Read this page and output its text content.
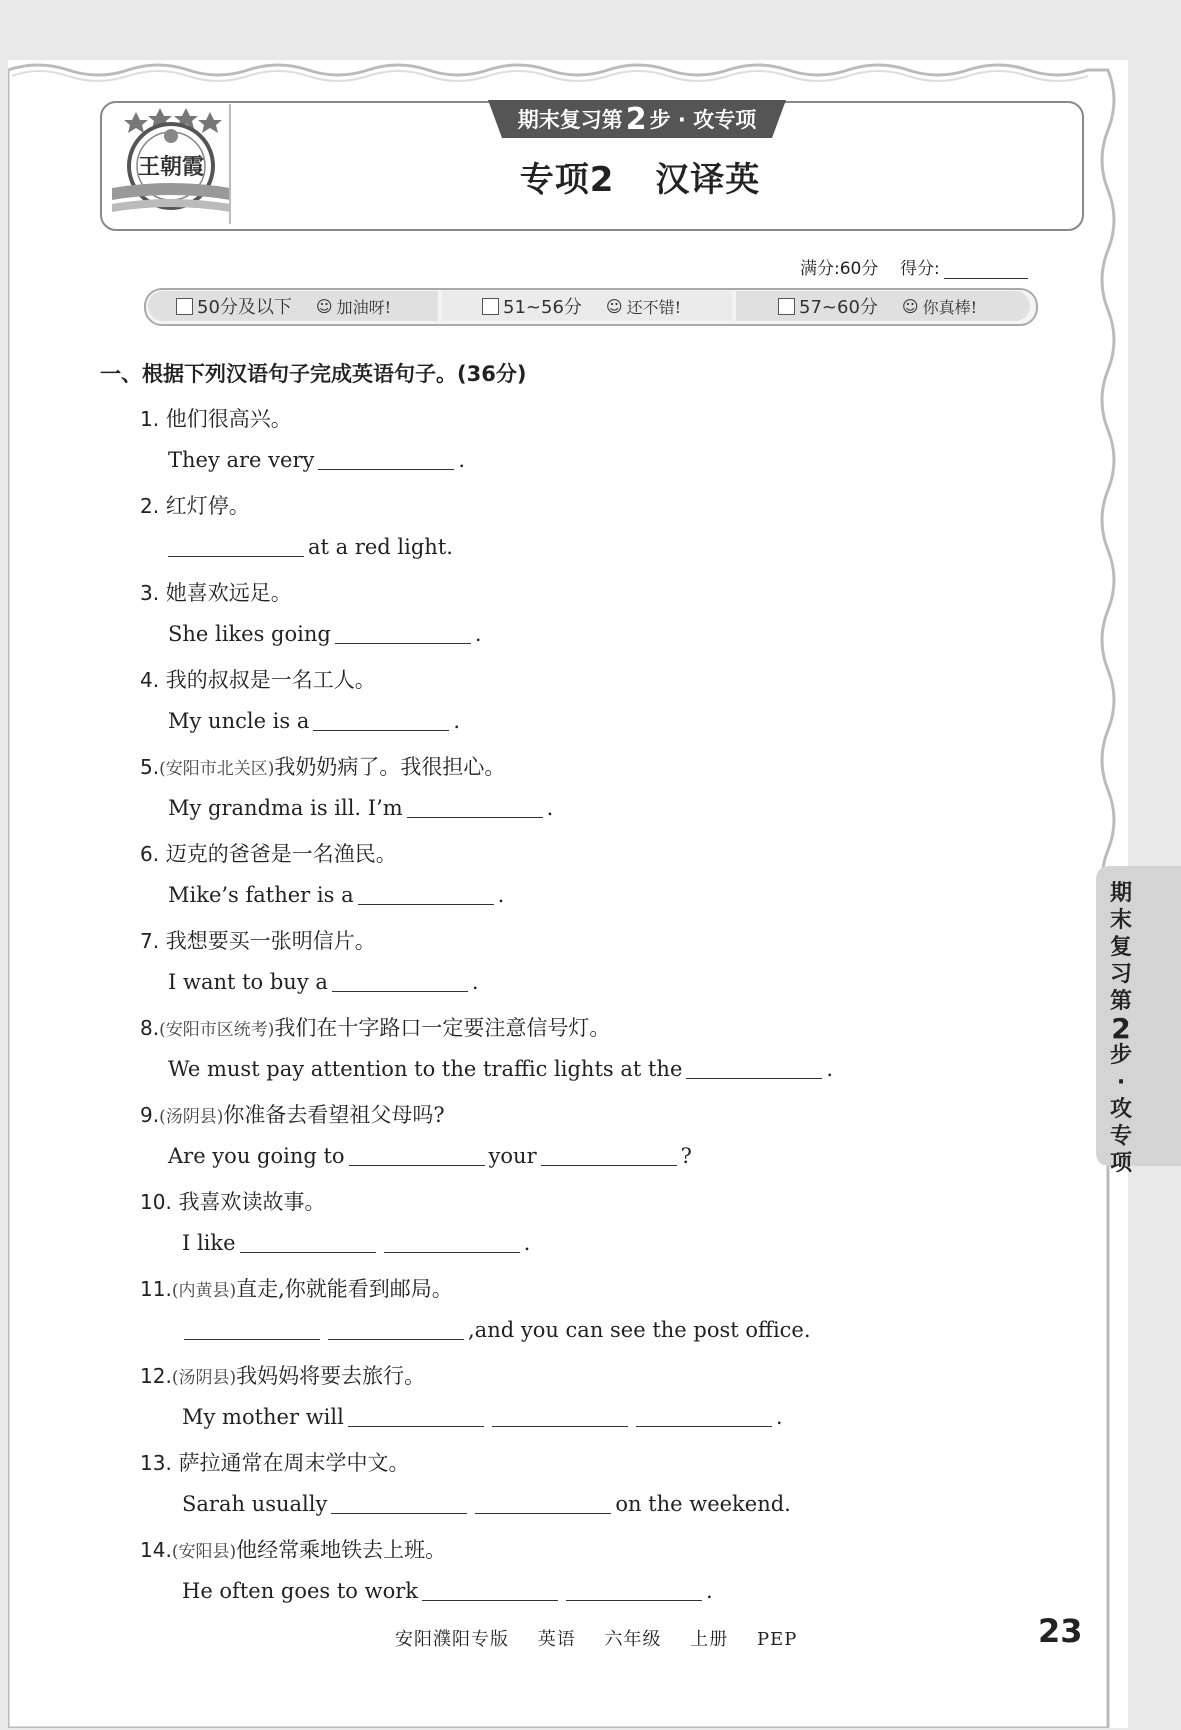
王朝霞
期末复习第 2 步 · 攻专项
专项2 汉译英
满分:60分 得分:
50分及以下 ☺ 加油呀!	51~56分 ☺ 还不错!	57~60分 ☺ 你真棒!
一、根据下列汉语句子完成英语句子。(36分)
1. 他们很高兴。
They are very	.
2. 红灯停。
at a red light.
3. 她喜欢远足。
She likes going	.
4. 我的叔叔是一名工人。
My uncle is a	.
5.(安阳市北关区)我奶奶病了。我很担心。
My grandma is ill. I’m	.
6. 迈克的爸爸是一名渔民。
Mike’s father is a	.
7. 我想要买一张明信片。
I want to buy a	.
8.(安阳市区统考)我们在十字路口一定要注意信号灯。
We must pay attention to the traffic lights at the	.
9.(汤阴县)你准备去看望祖父母吗?
Are you going to	your	?
10. 我喜欢读故事。
I like	.
11.(内黄县)直走,你就能看到邮局。
,and you can see the post office.
12.(汤阴县)我妈妈将要去旅行。
My mother will	.
13. 萨拉通常在周末学中文。
Sarah usually	on the weekend.
14.(安阳县)他经常乘地铁去上班。
He often goes to work	.
期末复习第
2
步·攻专项
安阳濮阳专版 英语 六年级 上册 PEP	23
